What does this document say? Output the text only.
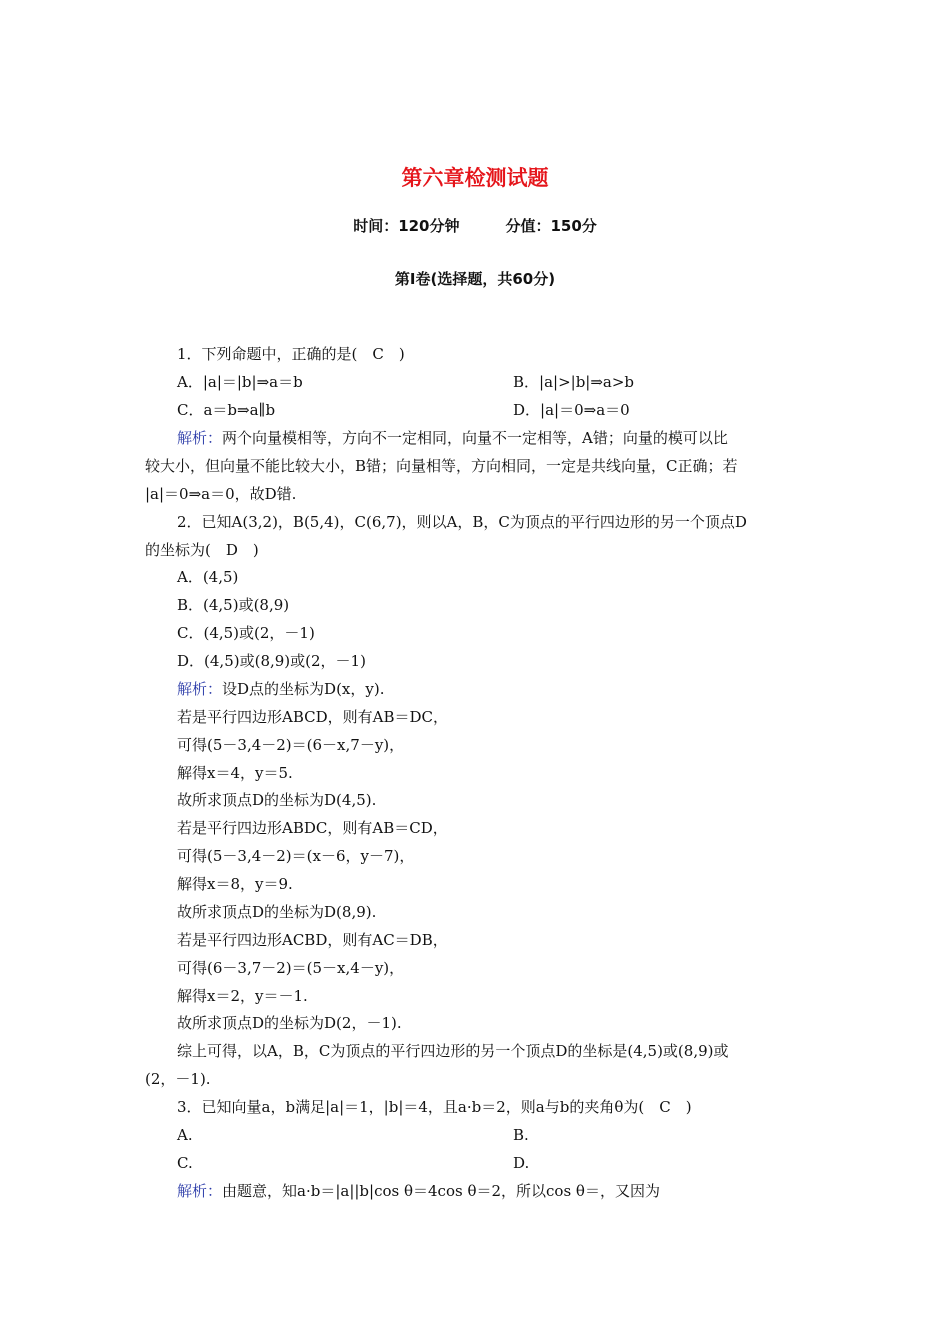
第六章检测试题
时间：120分钟	分值：150分
第Ⅰ卷(选择题，共60分)
1．下列命题中，正确的是(　C　)
A．|a|＝|b|⇒a＝b	B．|a|>|b|⇒a>b
C．a＝b⇒a∥b	D．|a|＝0⇒a＝0
解析：两个向量模相等，方向不一定相同，向量不一定相等，A错；向量的模可以比
较大小，但向量不能比较大小，B错；向量相等，方向相同，一定是共线向量，C正确；若
|a|＝0⇒a＝0，故D错.
2．已知A(3,2)，B(5,4)，C(6,7)，则以A，B，C为顶点的平行四边形的另一个顶点D
的坐标为(　D　)
A．(4,5)
B．(4,5)或(8,9)
C．(4,5)或(2，－1)
D．(4,5)或(8,9)或(2，－1)
解析：设D点的坐标为D(x，y).
若是平行四边形ABCD，则有AB＝DC，
可得(5－3,4－2)＝(6－x,7－y)，
解得x＝4，y＝5.
故所求顶点D的坐标为D(4,5).
若是平行四边形ABDC，则有AB＝CD，
可得(5－3,4－2)＝(x－6，y－7)，
解得x＝8，y＝9.
故所求顶点D的坐标为D(8,9).
若是平行四边形ACBD，则有AC＝DB，
可得(6－3,7－2)＝(5－x,4－y)，
解得x＝2，y＝－1.
故所求顶点D的坐标为D(2，－1).
综上可得，以A，B，C为顶点的平行四边形的另一个顶点D的坐标是(4,5)或(8,9)或
(2，－1).
3．已知向量a，b满足|a|＝1，|b|＝4，且a·b＝2，则a与b的夹角θ为(　C　)
A.	B.
C.	D.
解析：由题意，知a·b＝|a||b|cos θ＝4cos θ＝2，所以cos θ＝，又因为
